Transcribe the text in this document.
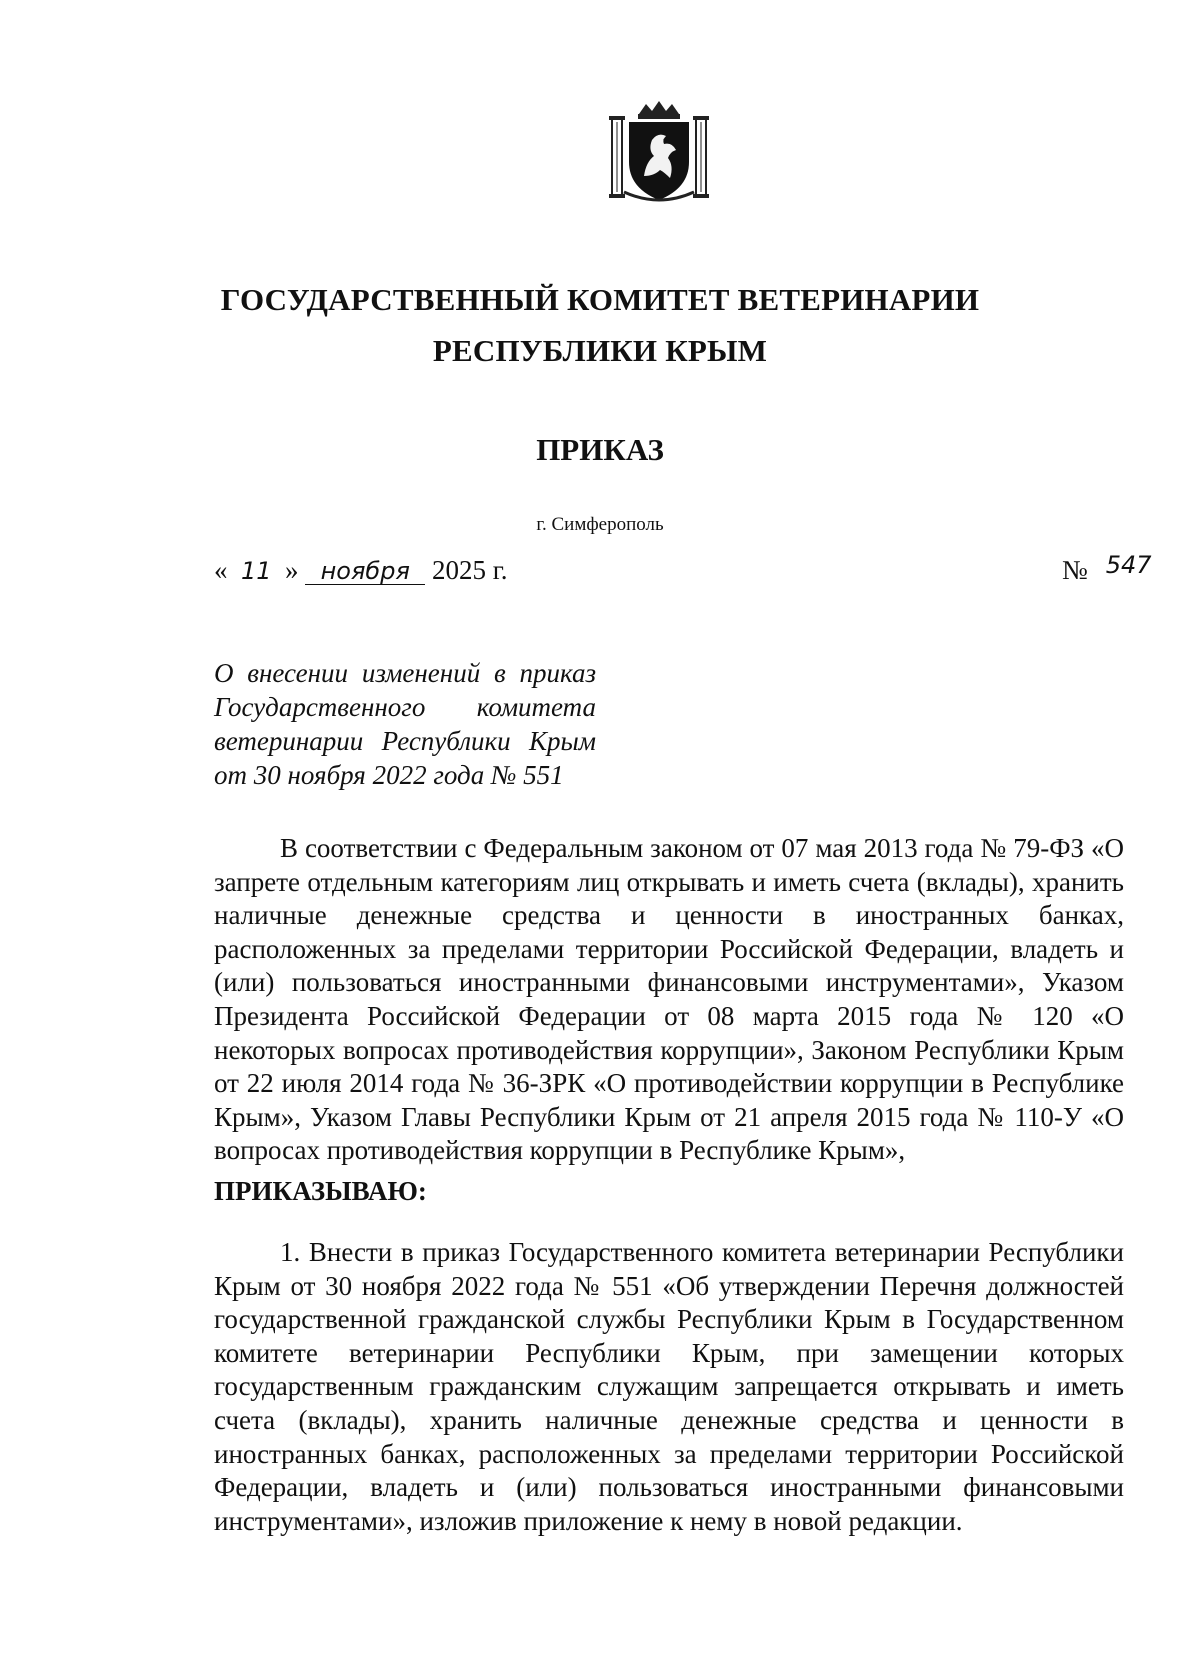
ГОСУДАРСТВЕННЫЙ КОМИТЕТ ВЕТЕРИНАРИИ
РЕСПУБЛИКИ КРЫМ
ПРИКАЗ
г. Симферополь
« 11 » ноября 2025 г.	№ 547
О внесении изменений в приказ Государственного комитета ветеринарии Республики Крым от 30 ноября 2022 года № 551
В соответствии с Федеральным законом от 07 мая 2013 года № 79-ФЗ «О запрете отдельным категориям лиц открывать и иметь счета (вклады), хранить наличные денежные средства и ценности в иностранных банках, расположенных за пределами территории Российской Федерации, владеть и (или) пользоваться иностранными финансовыми инструментами», Указом Президента Российской Федерации от 08 марта 2015 года № 120 «О некоторых вопросах противодействия коррупции», Законом Республики Крым от 22 июля 2014 года № 36-ЗРК «О противодействии коррупции в Республике Крым», Указом Главы Республики Крым от 21 апреля 2015 года № 110-У «О вопросах противодействия коррупции в Республике Крым»,
ПРИКАЗЫВАЮ:
1. Внести в приказ Государственного комитета ветеринарии Республики Крым от 30 ноября 2022 года № 551 «Об утверждении Перечня должностей государственной гражданской службы Республики Крым в Государственном комитете ветеринарии Республики Крым, при замещении которых государственным гражданским служащим запрещается открывать и иметь счета (вклады), хранить наличные денежные средства и ценности в иностранных банках, расположенных за пределами территории Российской Федерации, владеть и (или) пользоваться иностранными финансовыми инструментами», изложив приложение к нему в новой редакции.
